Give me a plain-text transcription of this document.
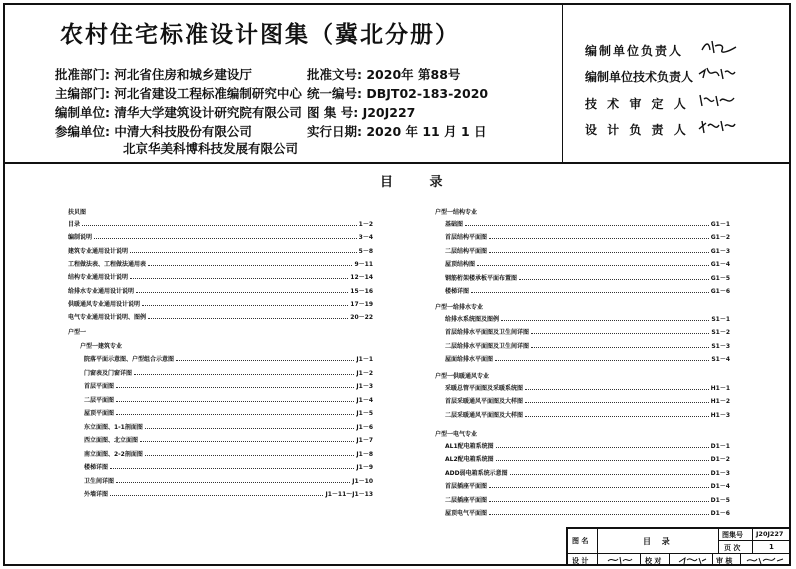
农村住宅标准设计图集（冀北分册）
批准部门: 河北省住房和城乡建设厅	批准文号: 2020年 第88号
主编部门: 河北省建设工程标准编制研究中心 统一编号: DBJT02-183-2020
编制单位: 清华大学建筑设计研究院有限公司 图 集 号: J20J227
参编单位: 中清大科技股份有限公司
北京华美科博科技发展有限公司
实行日期: 2020 年 11 月 1 日
编制单位负责人
编制单位技术负责人
技 术 审 定 人
设 计 负 责 人
目 录
扶贝图
目录	1－2
编制说明	3－4
建筑专业通用设计说明	5－8
工程做法表、工程做法通用表	9－11
结构专业通用设计说明	12－14
给排水专业通用设计说明	15－16
供暖通风专业通用设计说明	17－19
电气专业通用设计说明、图例	20－22
户型一
户型一建筑专业
院落平面示意图、户型组合示意图	J1－1
门窗表及门窗详图	J1－2
首层平面图	J1－3
二层平面图	J1－4
屋顶平面图	J1－5
东立面图、1-1剖面图	J1－6
西立面图、北立面图	J1－7
南立面图、2-2剖面图	J1－8
楼梯详图	J1－9
卫生间详图	J1－10
外墙详图	J1－11～J1－13
户型一结构专业
基础图	G1－1
首层结构平面图	G1－2
二层结构平面图	G1－3
屋顶结构图	G1－4
钢筋桁架楼承板平面布置图	G1－5
楼梯详图	G1－6
户型一给排水专业
给排水系统图及图例	S1－1
首层给排水平面图及卫生间详图	S1－2
二层给排水平面图及卫生间详图	S1－3
屋面给排水平面图	S1－4
户型一供暖通风专业
采暖总管平面图及采暖系统图	H1－1
首层采暖通风平面图及大样图	H1－2
二层采暖通风平面图及大样图	H1－3
户型一电气专业
AL1配电箱系统图	D1－1
AL2配电箱系统图	D1－2
ADD弱电箱系统示意图	D1－3
首层插座平面图	D1－4
二层插座平面图	D1－5
屋顶电气平面图	D1－6
图 名	目 录
图集号 J20J227
页 次	1
设 计	校 对	审 核
